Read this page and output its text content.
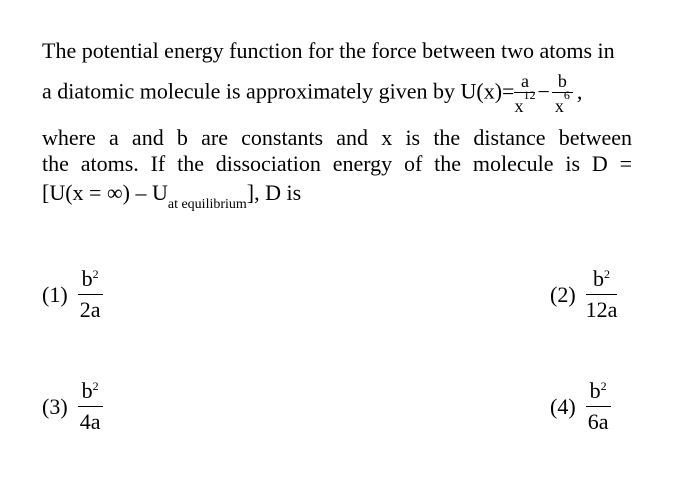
The potential energy function for the force between two atoms in
a diatomic molecule is approximately given by $U(x)= \frac{a}{x^{12}} - \frac{b}{x^6}$ ,
where a and b are constants and x is the distance between
the atoms. If the dissociation energy of the molecule is D =
[U(x = ∞) – $U_{at equilibrium}$], D is
$(1) \frac{b^2}{2a}$	$(2) \frac{b^2}{12a}$
$(3) \frac{b^2}{4a}$	$(4) \frac{b^2}{6a}$
